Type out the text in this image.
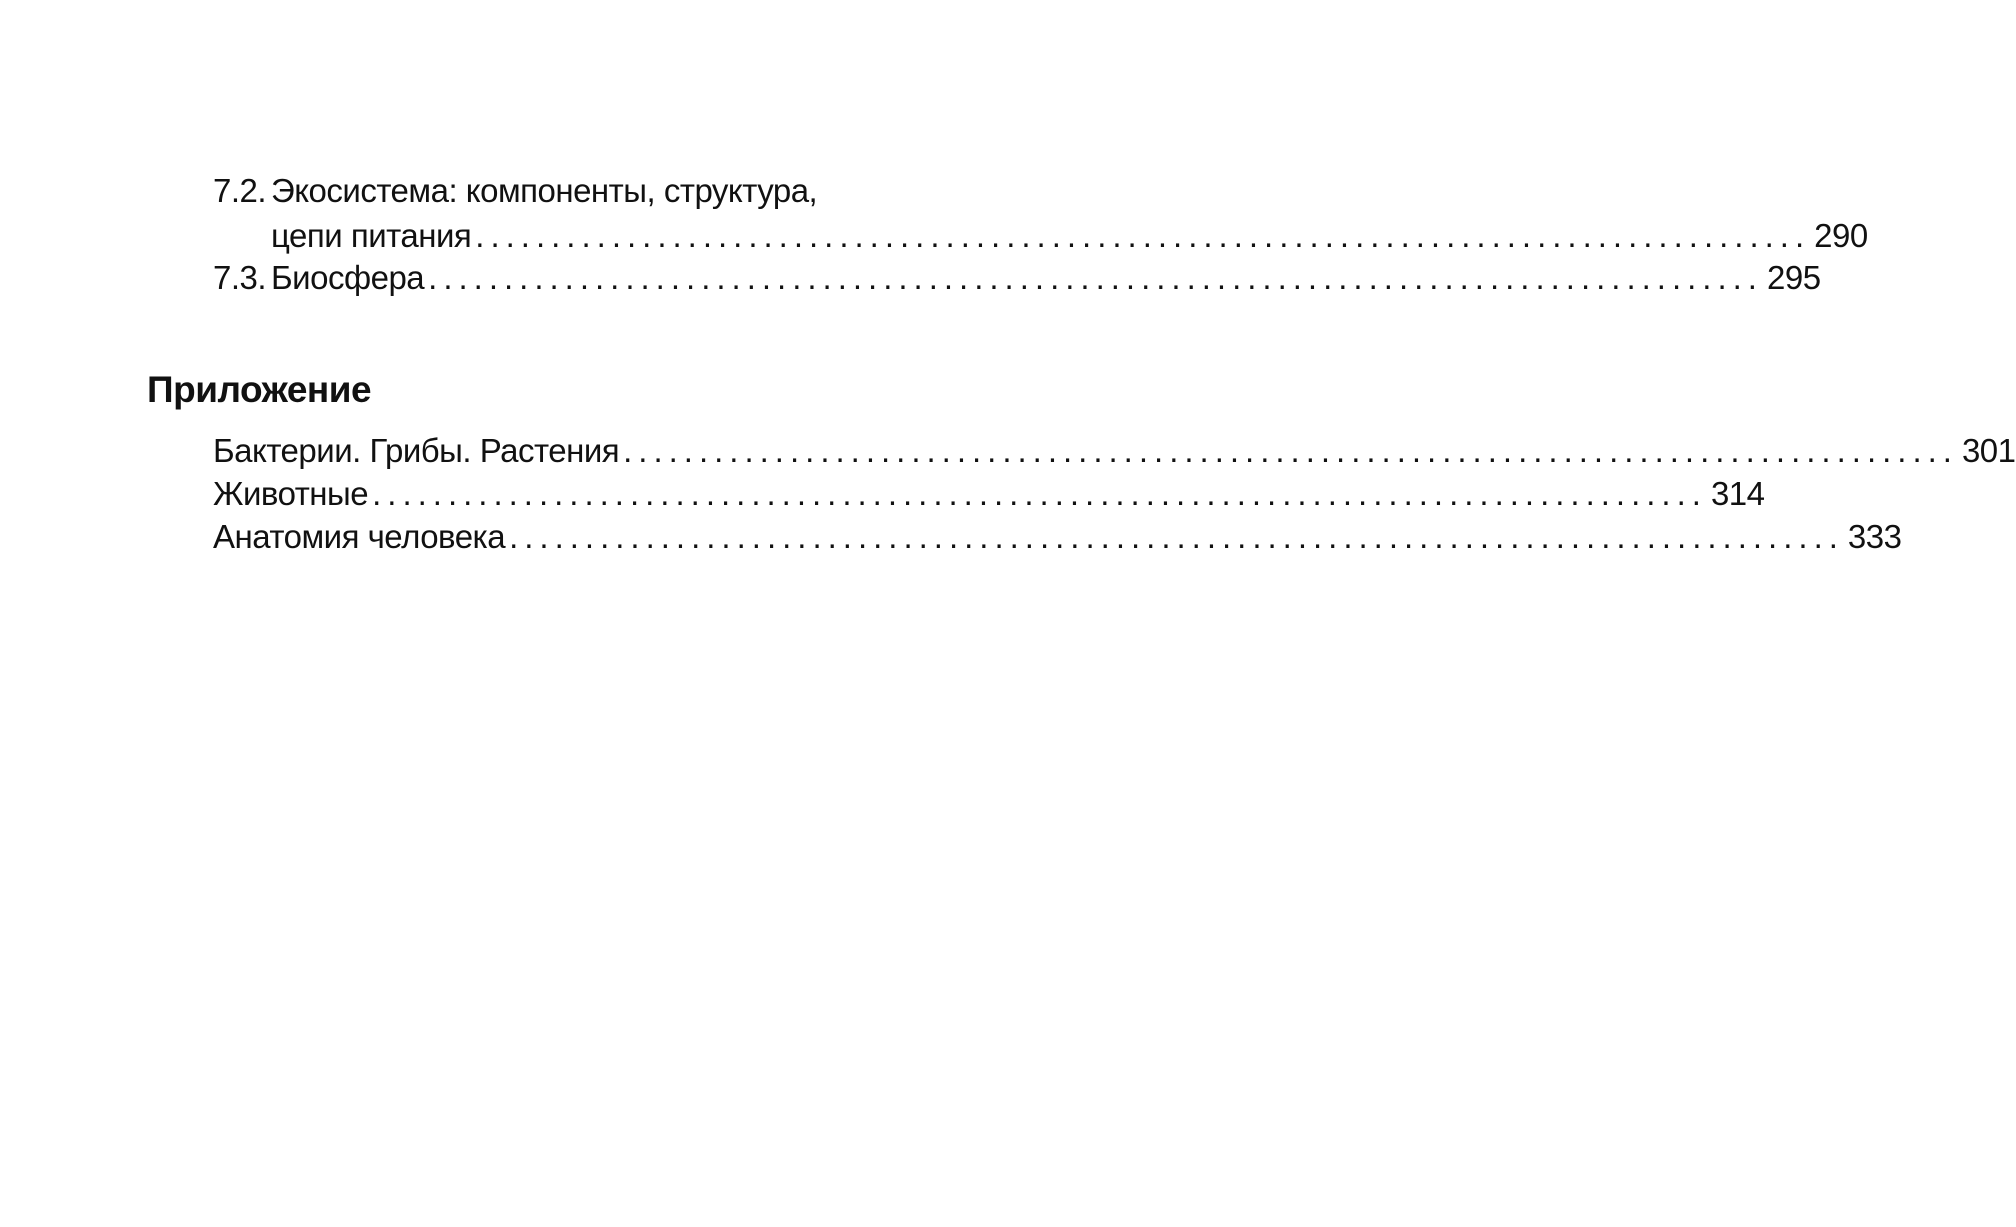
7.2. Экосистема: компоненты, структура,
цепи питания ........................................................................................ 290
7.3. Биосфера ........................................................................................ 295
Приложение
Бактерии. Грибы. Растения ........................................................................................ 301
Животные ........................................................................................ 314
Анатомия человека ........................................................................................ 333
